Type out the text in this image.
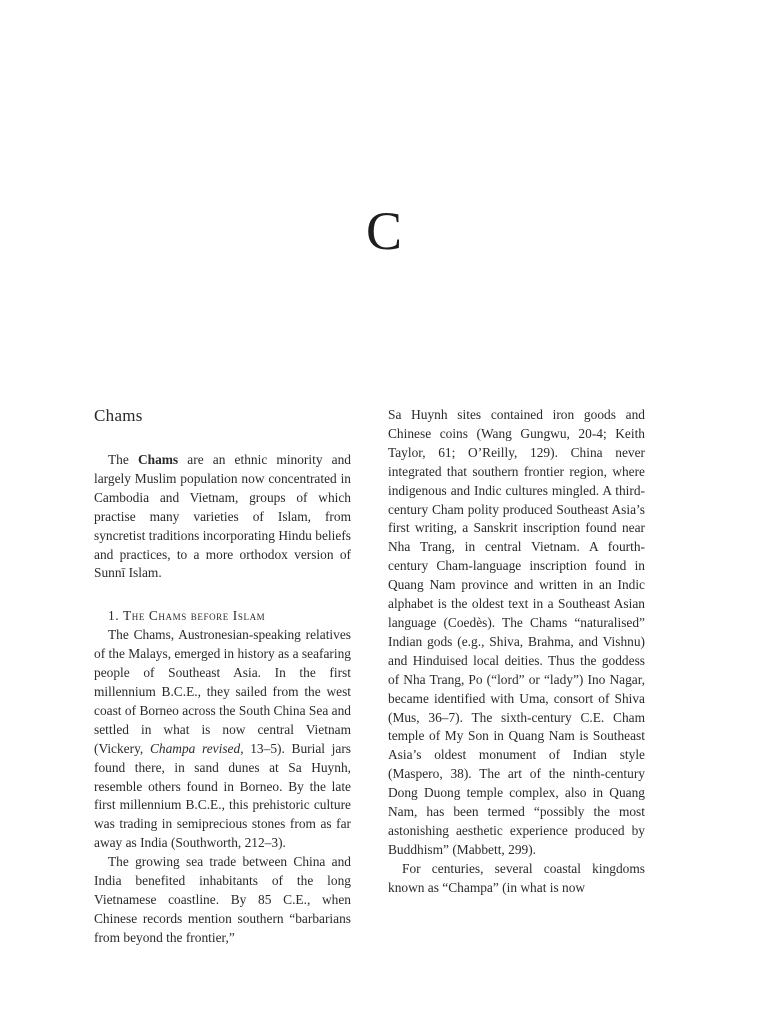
C
Chams

The Chams are an ethnic minority and largely Muslim population now concentrated in Cambodia and Vietnam, groups of which practise many varieties of Islam, from syncretist traditions incorporating Hindu beliefs and practices, to a more orthodox version of Sunnī Islam.

1. The Chams before Islam

The Chams, Austronesian-speaking relatives of the Malays, emerged in history as a seafaring people of Southeast Asia. In the first millennium B.C.E., they sailed from the west coast of Borneo across the South China Sea and settled in what is now central Vietnam (Vickery, Champa revised, 13–5). Burial jars found there, in sand dunes at Sa Huynh, resemble others found in Borneo. By the late first millennium B.C.E., this prehistoric culture was trading in semiprecious stones from as far away as India (Southworth, 212–3).

The growing sea trade between China and India benefited inhabitants of the long Vietnamese coastline. By 85 C.E., when Chinese records mention southern “barbarians from beyond the frontier,”

Sa Huynh sites contained iron goods and Chinese coins (Wang Gungwu, 20-4; Keith Taylor, 61; O’Reilly, 129). China never integrated that southern frontier region, where indigenous and Indic cultures mingled. A third-century Cham polity produced Southeast Asia’s first writing, a Sanskrit inscription found near Nha Trang, in central Vietnam. A fourth-century Cham-language inscription found in Quang Nam province and written in an Indic alphabet is the oldest text in a Southeast Asian language (Coedès). The Chams “naturalised” Indian gods (e.g., Shiva, Brahma, and Vishnu) and Hinduised local deities. Thus the goddess of Nha Trang, Po (“lord” or “lady”) Ino Nagar, became identified with Uma, consort of Shiva (Mus, 36–7). The sixth-century C.E. Cham temple of My Son in Quang Nam is Southeast Asia’s oldest monument of Indian style (Maspero, 38). The art of the ninth-century Dong Duong temple complex, also in Quang Nam, has been termed “possibly the most astonishing aesthetic experience produced by Buddhism” (Mabbett, 299).

For centuries, several coastal kingdoms known as “Champa” (in what is now
